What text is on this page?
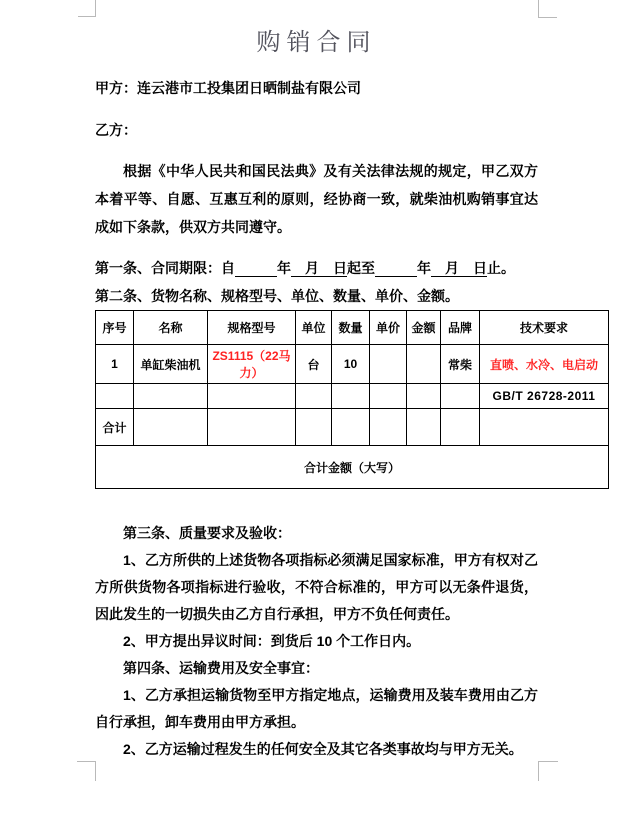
购销合同
甲方：连云港市工投集团日晒制盐有限公司
乙方：
根据《中华人民共和国民法典》及有关法律法规的规定，甲乙双方本着平等、自愿、互惠互利的原则，经协商一致，就柴油机购销事宜达成如下条款，供双方共同遵守。
第一条、合同期限：自　　　	年　月　日起至　　　	年　月　日止。
第二条、货物名称、规格型号、单位、数量、单价、金额。
序号	名称	规格型号	单位	数量	单价	金额	品牌	技术要求
1	单缸柴油机	ZS1115（22马力）	台	10			常柴	直喷、水冷、电启动
								GB/T 26728-2011
合计								
合计金额（大写）								
第三条、质量要求及验收：
1、乙方所供的上述货物各项指标必须满足国家标准，甲方有权对乙方所供货物各项指标进行验收，不符合标准的，甲方可以无条件退货，因此发生的一切损失由乙方自行承担，甲方不负任何责任。
2、甲方提出异议时间：到货后 10 个工作日内。
第四条、运输费用及安全事宜：
1、乙方承担运输货物至甲方指定地点，运输费用及装车费用由乙方自行承担，卸车费用由甲方承担。
2、乙方运输过程发生的任何安全及其它各类事故均与甲方无关。
